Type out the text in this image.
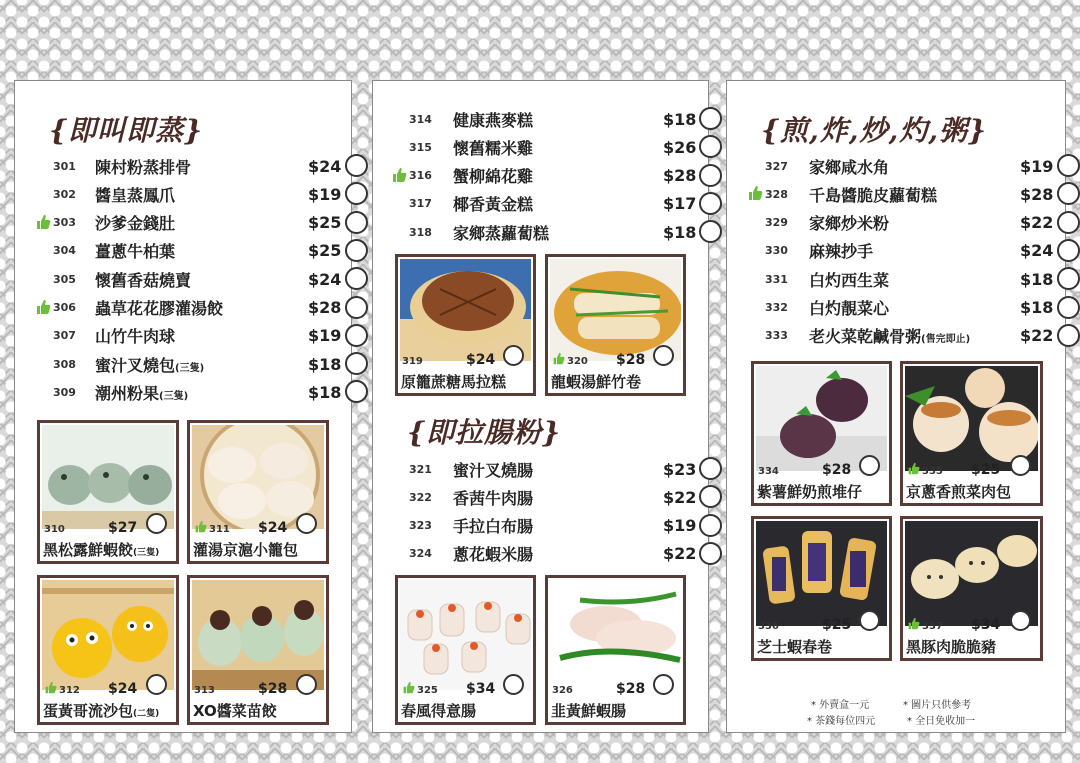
{即叫即蒸}
301 陳村粉蒸排骨	$24
302 醬皇蒸鳳爪	$19
303 沙爹金錢肚	$25
304 薑蔥牛柏葉	$25
305 懷舊香菇燒賣	$24
306 蟲草花花膠灌湯餃	$28
307 山竹牛肉球	$19
308 蜜汁叉燒包(三隻)	$18
309 潮州粉果(三隻)	$18
310	$27
黑松露鮮蝦餃(三隻)
311 $24
灌湯京滬小籠包
312 $24
蛋黃哥流沙包(二隻)
313	$28
XO醬菜苗餃
314 健康燕麥糕	$18
315 懷舊糯米雞	$26
316 蟹柳綿花雞	$28
317 椰香黃金糕	$17
318 家鄉蒸蘿蔔糕	$18
319	$24
原籠蔗糖馬拉糕
320 $28
龍蝦湯鮮竹卷
{即拉腸粉}
321 蜜汁叉燒腸	$23
322 香茜牛肉腸	$22
323 手拉白布腸	$19
324 蔥花蝦米腸	$22
325 $34
春風得意腸
326	$28
韭黃鮮蝦腸
{煎,炸,炒,灼,粥}
327 家鄉咸水角	$19
328 千島醬脆皮蘿蔔糕	$28
329 家鄉炒米粉	$22
330 麻辣抄手	$24
331 白灼西生菜	$18
332 白灼靚菜心	$18
333 老火菜乾鹹骨粥(售完即止)	$22
334	$28
紫薯鮮奶煎堆仔
335 $25
京蔥香煎菜肉包
336	$25
芝士蝦春卷
337 $34
黑豚肉脆脆豬
* 外賣盒一元	* 圖片只供參考
* 茶錢每位四元	* 全日免收加一
